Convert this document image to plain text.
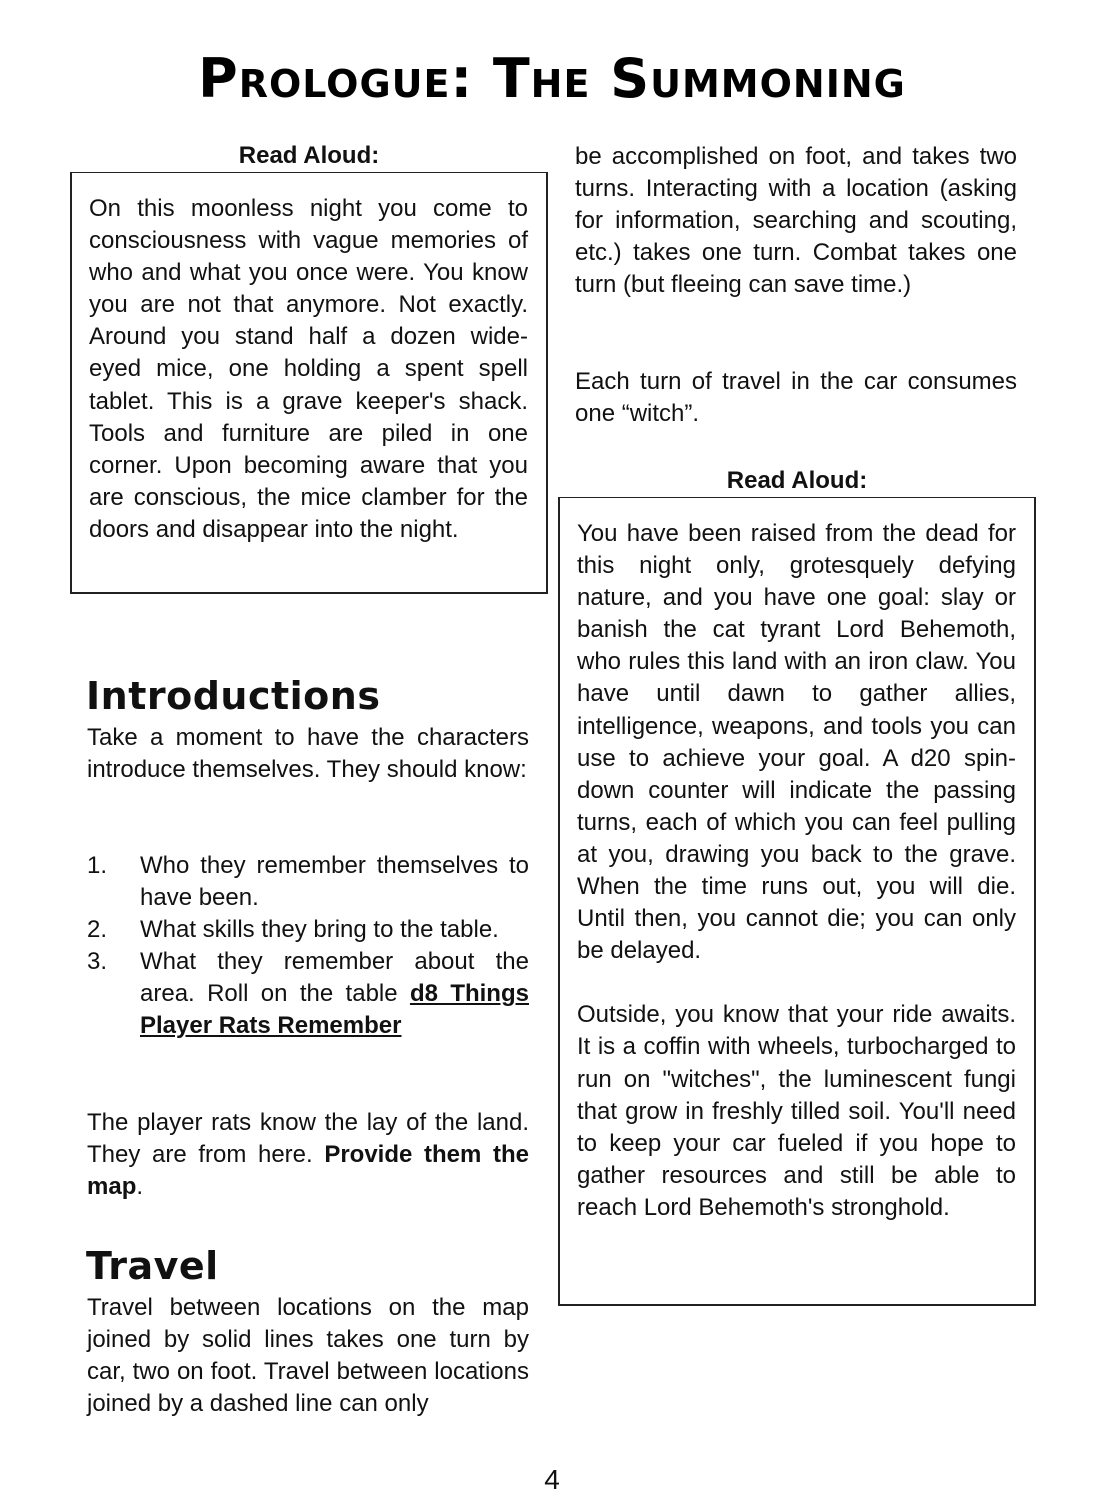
Prologue: The Summoning
Read Aloud:

On this moonless night you come to consciousness with vague memories of who and what you once were. You know you are not that anymore. Not exactly. Around you stand half a dozen wide-eyed mice, one holding a spent spell tablet. This is a grave keeper's shack. Tools and furniture are piled in one corner. Upon becoming aware that you are conscious, the mice clamber for the doors and disappear into the night.

Introductions

Take a moment to have the characters introduce themselves. They should know:

1. Who they remember themselves to have been.
2. What skills they bring to the table.
3. What they remember about the area. Roll on the table d8 Things Player Rats Remember

The player rats know the lay of the land. They are from here. Provide them the map.

Travel

Travel between locations on the map joined by solid lines takes one turn by car, two on foot. Travel between locations joined by a dashed line can only

be accomplished on foot, and takes two turns. Interacting with a location (asking for information, searching and scouting, etc.) takes one turn. Combat takes one turn (but fleeing can save time.)

Each turn of travel in the car consumes one “witch”.

Read Aloud:

You have been raised from the dead for this night only, grotesquely defying nature, and you have one goal: slay or banish the cat tyrant Lord Behemoth, who rules this land with an iron claw. You have until dawn to gather allies, intelligence, weapons, and tools you can use to achieve your goal. A d20 spin-down counter will indicate the passing turns, each of which you can feel pulling at you, drawing you back to the grave. When the time runs out, you will die. Until then, you cannot die; you can only be delayed.

Outside, you know that your ride awaits. It is a coffin with wheels, turbocharged to run on "witches", the luminescent fungi that grow in freshly tilled soil. You'll need to keep your car fueled if you hope to gather resources and still be able to reach Lord Behemoth's stronghold.

4
